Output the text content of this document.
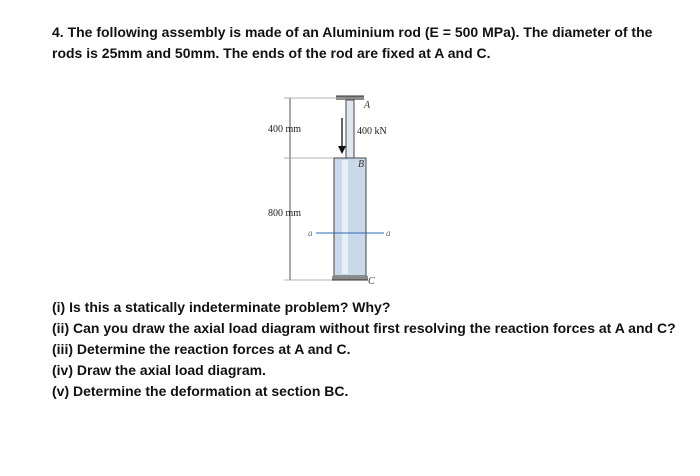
4. The following assembly is made of an Aluminium rod (E = 500 MPa). The diameter of the rods is 25mm and 50mm. The ends of the rod are fixed at A and C.

A
400 kN
B
a	a
C
400 mm
800 mm
(i) Is this a statically indeterminate problem? Why?
(ii) Can you draw the axial load diagram without first resolving the reaction forces at A and C?
(iii) Determine the reaction forces at A and C.
(iv) Draw the axial load diagram.
(v) Determine the deformation at section BC.
